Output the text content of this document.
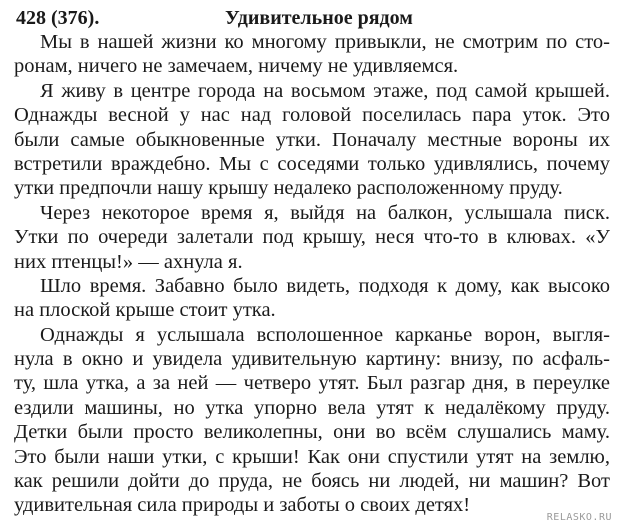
428 (376).	Удивительное рядом
Мы в нашей жизни ко многому привыкли, не смотрим по сто-
ронам, ничего не замечаем, ничему не удивляемся.
Я живу в центре города на восьмом этаже, под самой крышей.
Однажды весной у нас над головой поселилась пара уток. Это
были самые обыкновенные утки. Поначалу местные вороны их
встретили враждебно. Мы с соседями только удивлялись, почему
утки предпочли нашу крышу недалеко расположенному пруду.
Через некоторое время я, выйдя на балкон, услышала писк.
Утки по очереди залетали под крышу, неся что-то в клювах. «У
них птенцы!» — ахнула я.
Шло время. Забавно было видеть, подходя к дому, как высоко
на плоской крыше стоит утка.
Однажды я услышала всполошенное карканье ворон, выгля-
нула в окно и увидела удивительную картину: внизу, по асфаль-
ту, шла утка, а за ней — четверо утят. Был разгар дня, в переулке
ездили машины, но утка упорно вела утят к недалёкому пруду.
Детки были просто великолепны, они во всём слушались маму.
Это были наши утки, с крыши! Как они спустили утят на землю,
как решили дойти до пруда, не боясь ни людей, ни машин? Вот
удивительная сила природы и заботы о своих детях!
RELASKO.RU
